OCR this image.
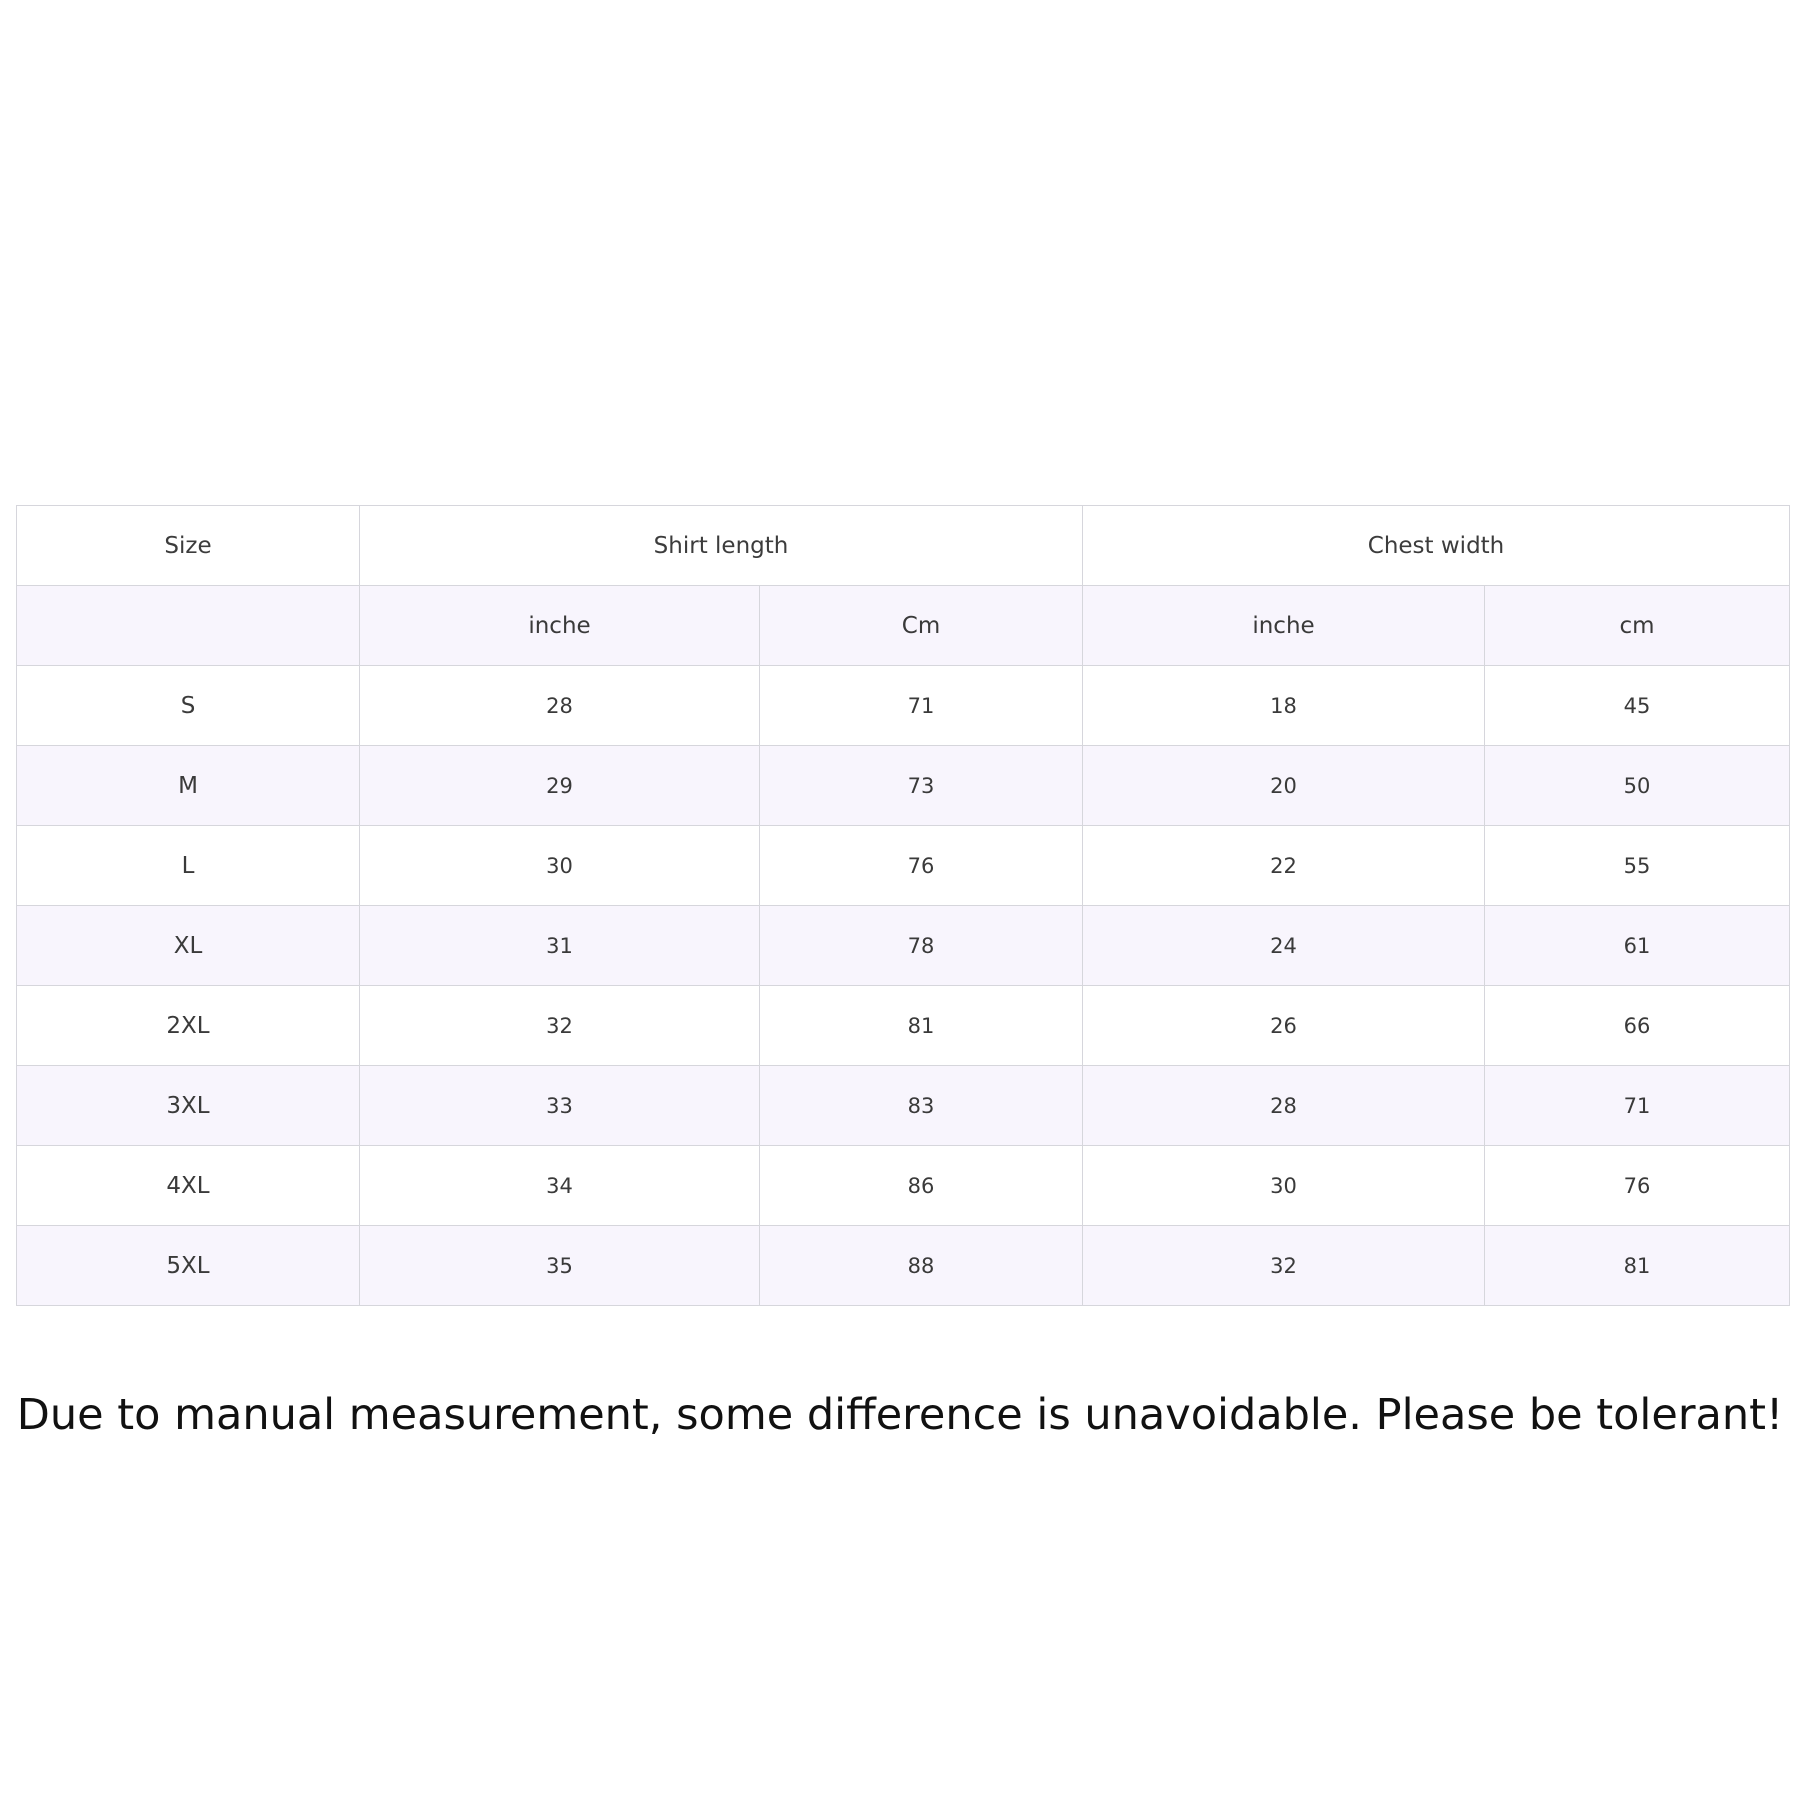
Size	Shirt length		Chest width	
	inche	Cm	inche	cm
S	28	71	18	45
M	29	73	20	50
L	30	76	22	55
XL	31	78	24	61
2XL	32	81	26	66
3XL	33	83	28	71
4XL	34	86	30	76
5XL	35	88	32	81
Due to manual measurement, some difference is unavoidable. Please be tolerant!
